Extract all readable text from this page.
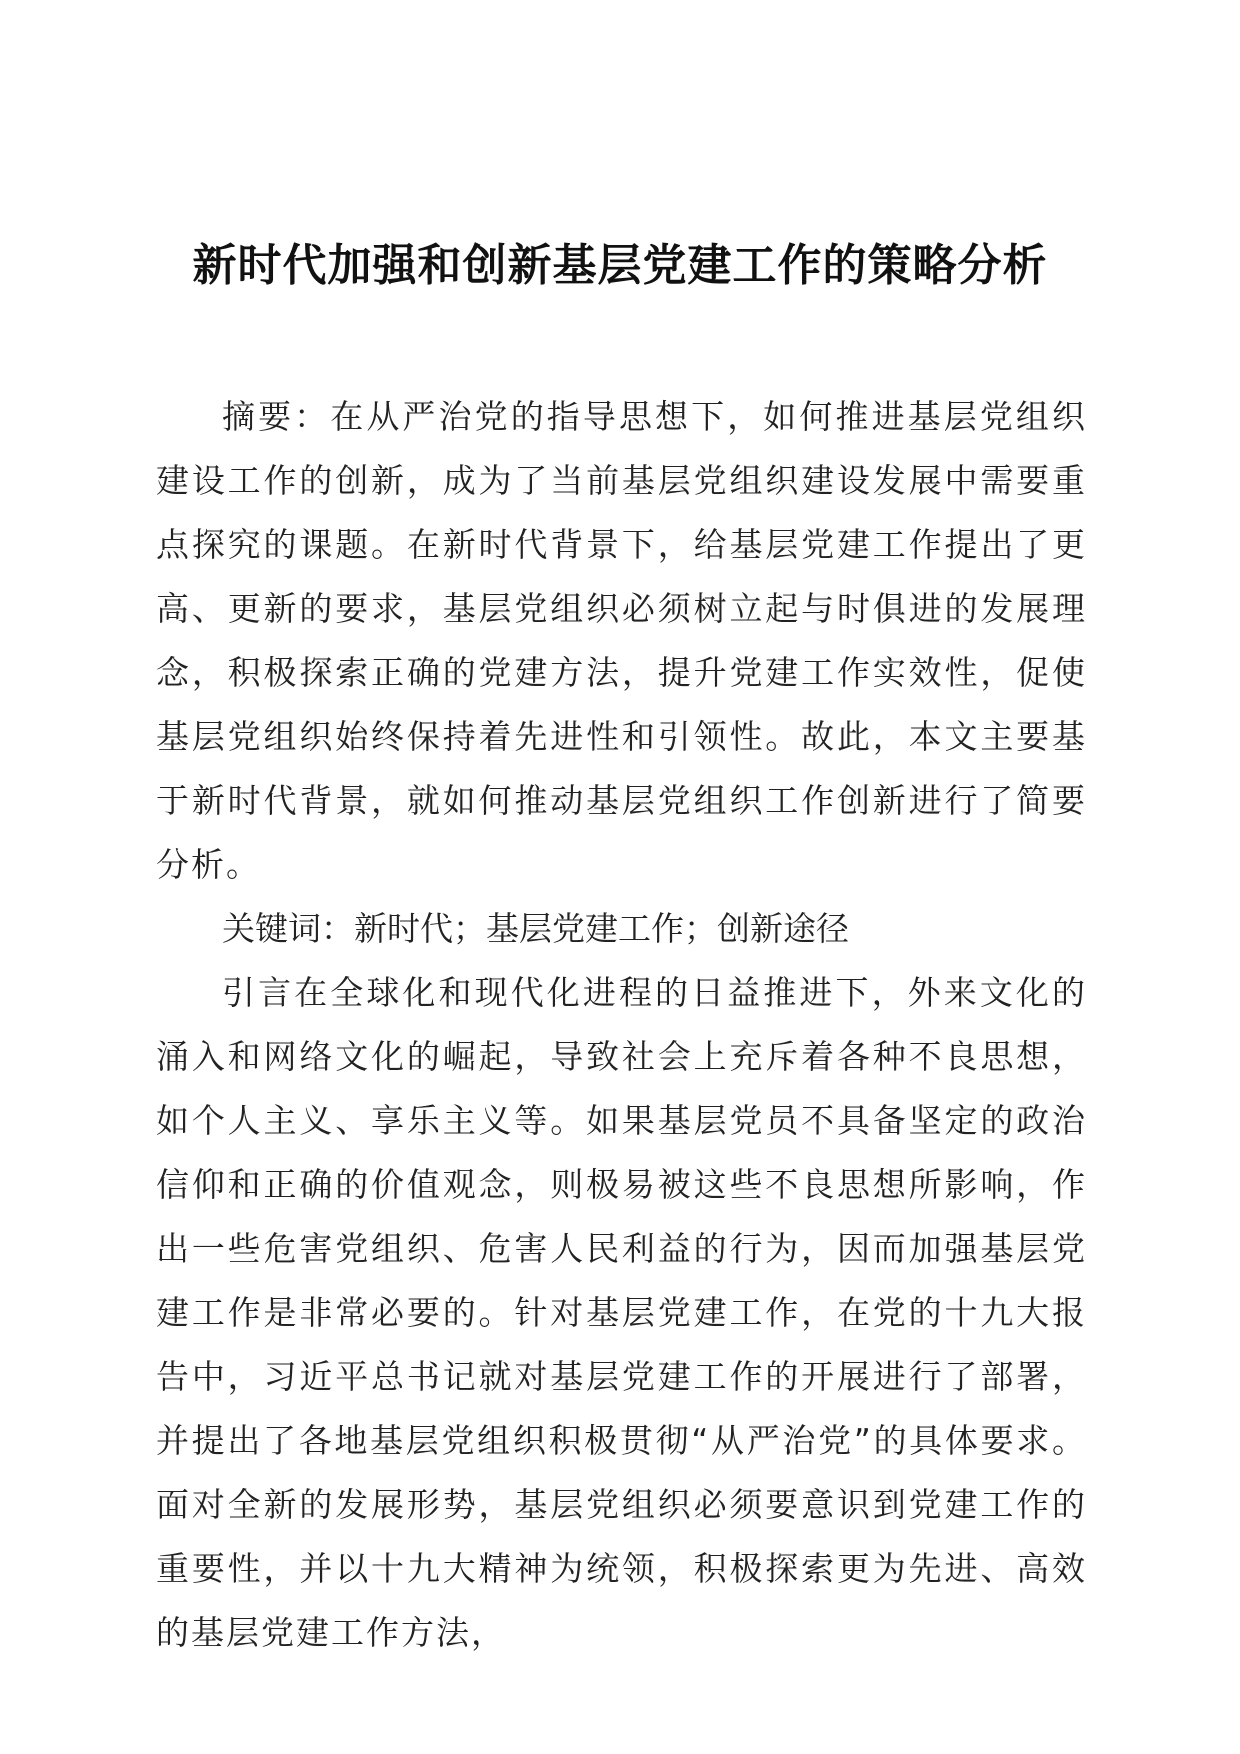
新时代加强和创新基层党建工作的策略分析

摘要：在从严治党的指导思想下，如何推进基层党组织建设工作的创新，成为了当前基层党组织建设发展中需要重点探究的课题。在新时代背景下，给基层党建工作提出了更高、更新的要求，基层党组织必须树立起与时俱进的发展理念，积极探索正确的党建方法，提升党建工作实效性，促使基层党组织始终保持着先进性和引领性。故此，本文主要基于新时代背景，就如何推动基层党组织工作创新进行了简要分析。

关键词：新时代；基层党建工作；创新途径

引言在全球化和现代化进程的日益推进下，外来文化的涌入和网络文化的崛起，导致社会上充斥着各种不良思想，如个人主义、享乐主义等。如果基层党员不具备坚定的政治信仰和正确的价值观念，则极易被这些不良思想所影响，作出一些危害党组织、危害人民利益的行为，因而加强基层党建工作是非常必要的。针对基层党建工作，在党的十九大报告中，习近平总书记就对基层党建工作的开展进行了部署，并提出了各地基层党组织积极贯彻“从严治党”的具体要求。面对全新的发展形势，基层党组织必须要意识到党建工作的重要性，并以十九大精神为统领，积极探索更为先进、高效的基层党建工作方法，
